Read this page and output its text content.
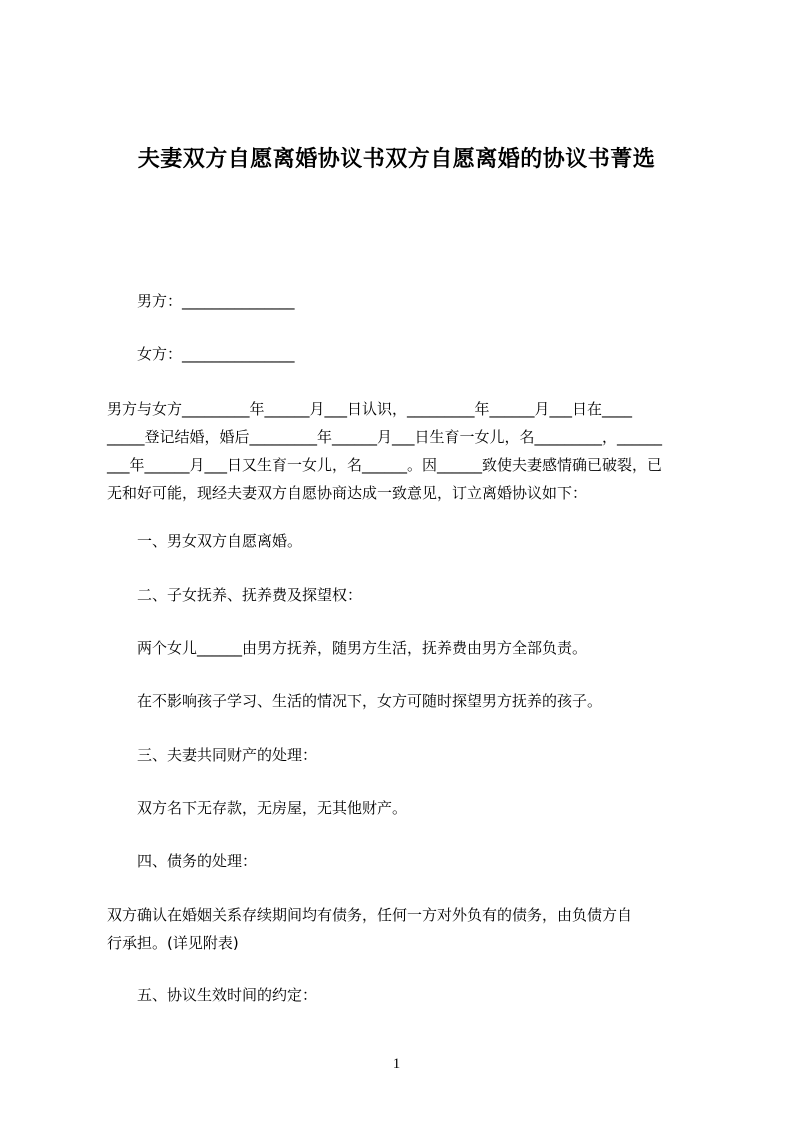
夫妻双方自愿离婚协议书双方自愿离婚的协议书菁选

男方：_______________

女方：_______________

男方与女方_________年______月___日认识，_________年______月___日在____
_____登记结婚，婚后_________年______月___日生育一女儿，名_________，______
___年______月___日又生育一女儿，名______。因______致使夫妻感情确已破裂，已
无和好可能，现经夫妻双方自愿协商达成一致意见，订立离婚协议如下：

一、男女双方自愿离婚。

二、子女抚养、抚养费及探望权：

两个女儿______由男方抚养，随男方生活，抚养费由男方全部负责。

在不影响孩子学习、生活的情况下，女方可随时探望男方抚养的孩子。

三、夫妻共同财产的处理：

双方名下无存款，无房屋，无其他财产。

四、债务的处理：

双方确认在婚姻关系存续期间均有债务，任何一方对外负有的债务，由负债方自
行承担。(详见附表)

五、协议生效时间的约定：

1
